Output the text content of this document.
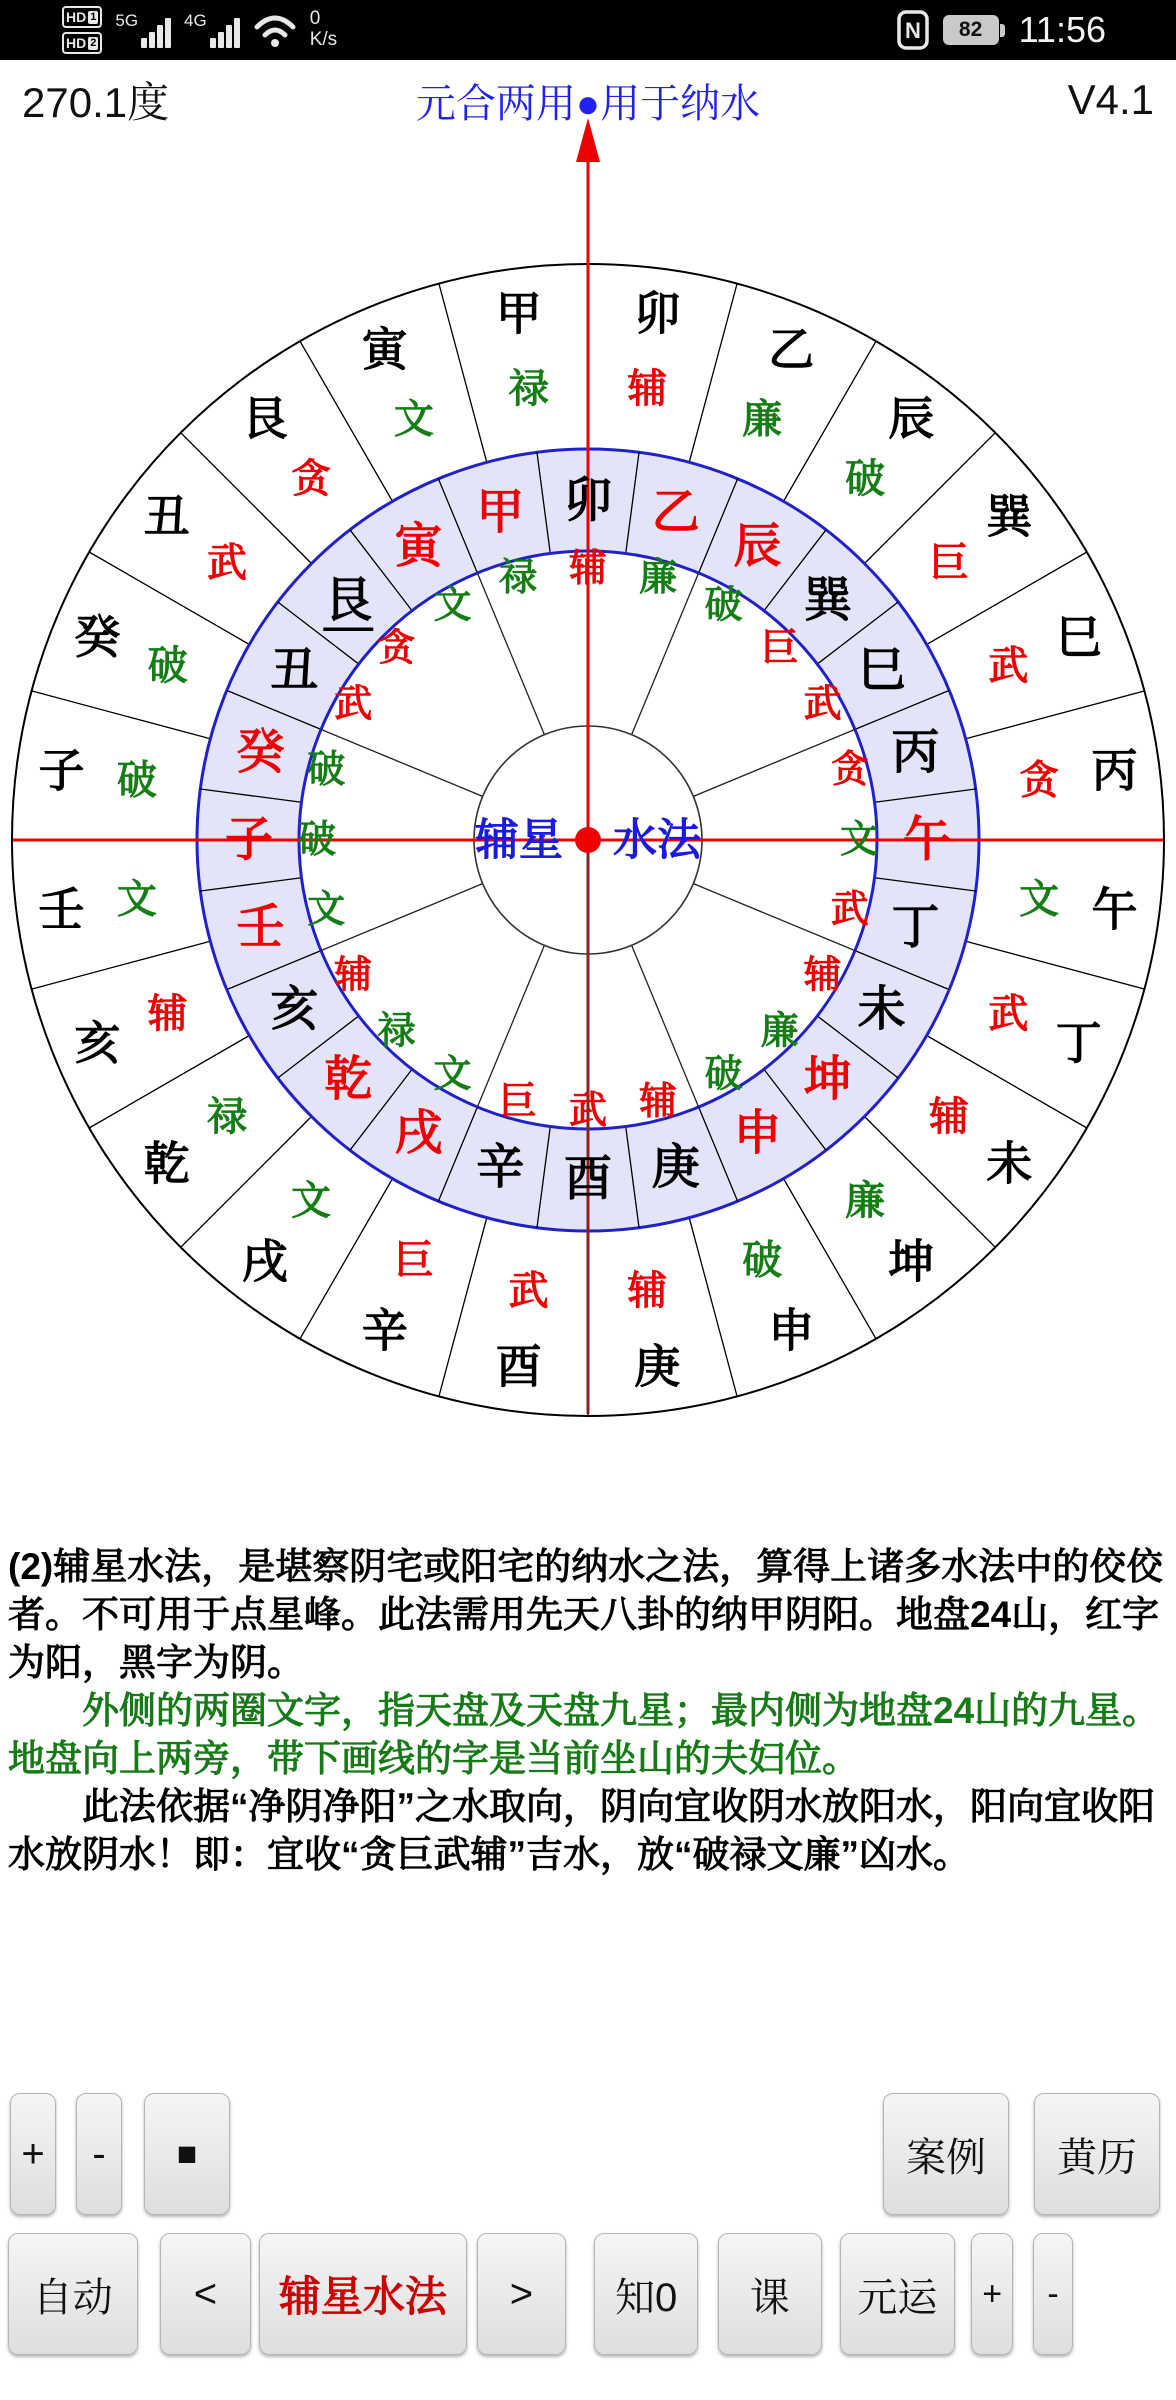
HD 1
HD 2
5G	4G	0
K/s	N 82 11:56
270.1度	元合两用●用于纳水	V4.1
卯
辅
卯
辅
乙
廉
乙
廉
辰
破
辰
破
巽
巨
巽
巨	巳
武
巳
武
丙
贪
丙
贪
午
文
午
文
丁
武
丁
武
未
辅
未
辅
坤
廉
坤
廉
申
破
申
破
庚
辅
庚
辅
酉
武
酉
武
辛
巨
辛
巨
戌
文
戌
文
乾
禄
乾
禄
亥
辅 亥
辅
壬 文
壬 文
子 破
子 破
癸
破
癸 破
丑
武
丑
武
艮
贪
艮
贪
寅
文
寅
文
甲
禄
甲
禄
辅星 水法

(2)辅星水法，是堪察阴宅或阳宅的纳水之法，算得上诸多水法中的佼佼者。不可用于点星峰。此法需用先天八卦的纳甲阴阳。地盘24山，红字为阳，黑字为阴。

　　外侧的两圈文字，指天盘及天盘九星；最内侧为地盘24山的九星。地盘向上两旁，带下画线的字是当前坐山的夫妇位。

　　此法依据“净阴净阳”之水取向，阴向宜收阴水放阳水，阳向宜收阳水放阴水！即：宜收“贪巨武辅”吉水，放“破禄文廉”凶水。

+	-	■	案例	黄历
自动	<	辅星水法	>	知0	课	元运	+	-
